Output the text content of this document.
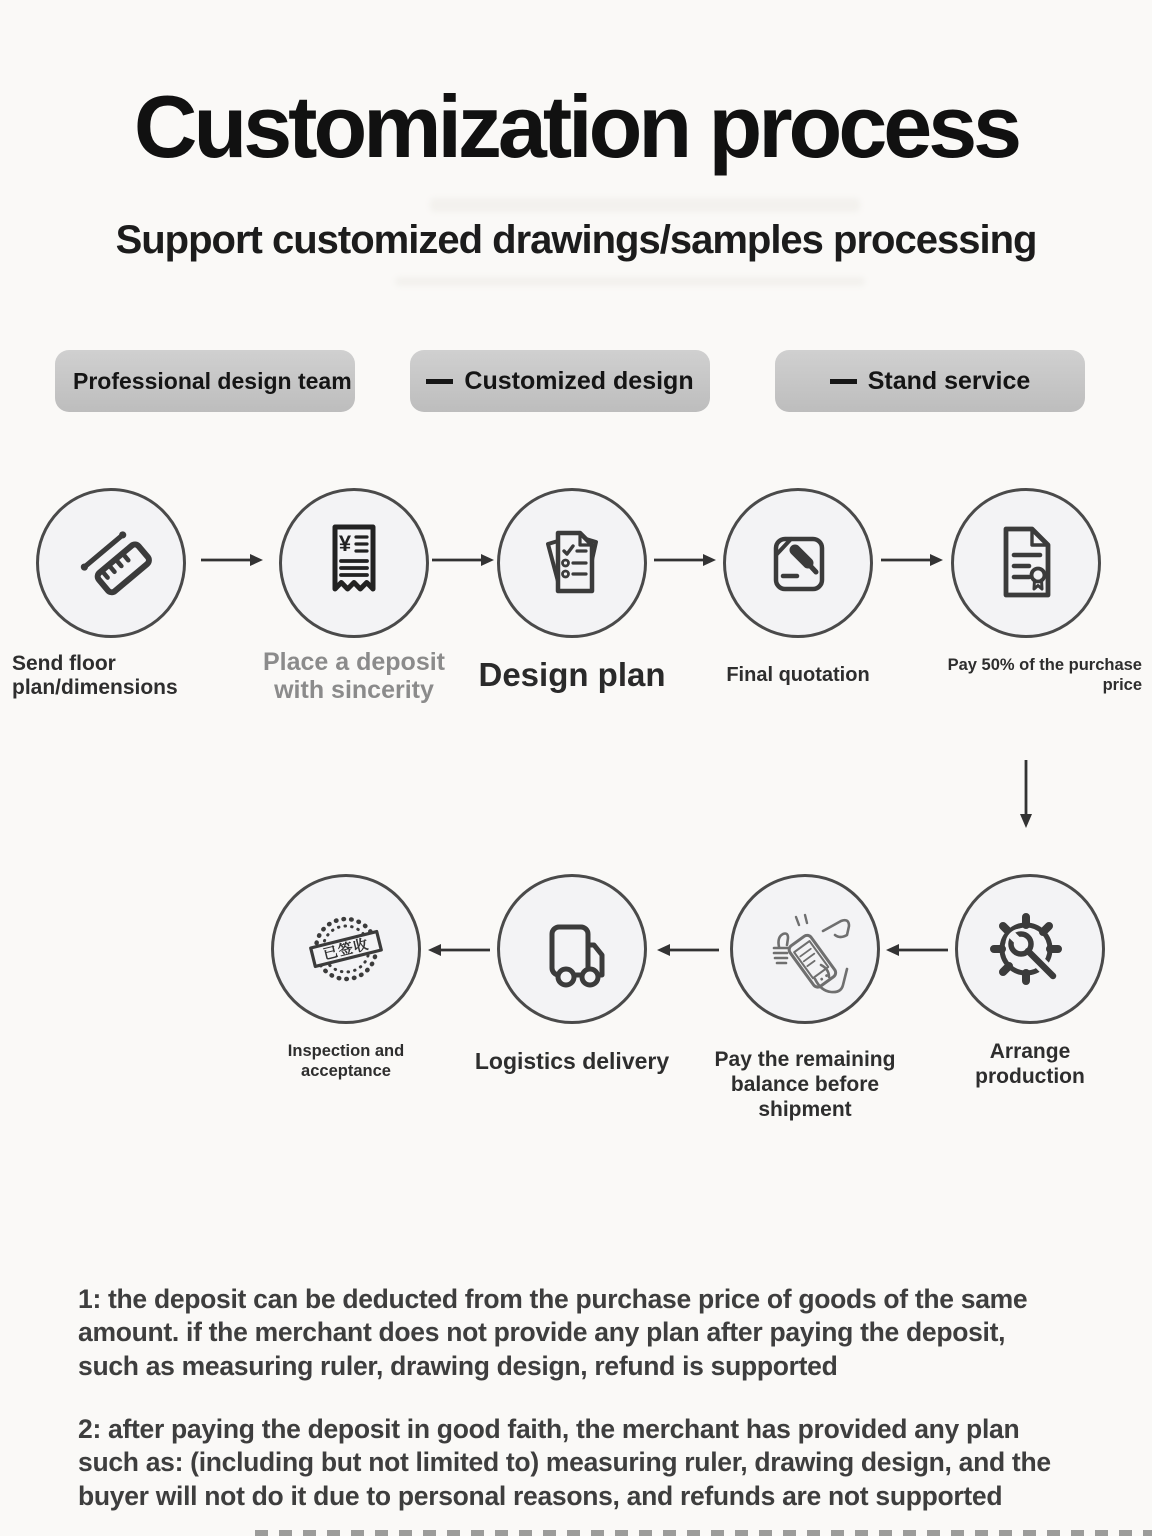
Customization process
Support customized drawings/samples processing
Professional design team	Customized design	Stand service
¥
Send floor plan/dimensions
Place a deposit with sincerity	Design plan	Final quotation	Pay 50% of the purchase price
已签收
Inspection and acceptance	Logistics delivery	Pay the remaining balance before shipment
Arrange production

1: the deposit can be deducted from the purchase price of goods of the same amount. if the merchant does not provide any plan after paying the deposit, such as measuring ruler, drawing design, refund is supported

2: after paying the deposit in good faith, the merchant has provided any plan such as: (including but not limited to) measuring ruler, drawing design, and the buyer will not do it due to personal reasons, and refunds are not supported
